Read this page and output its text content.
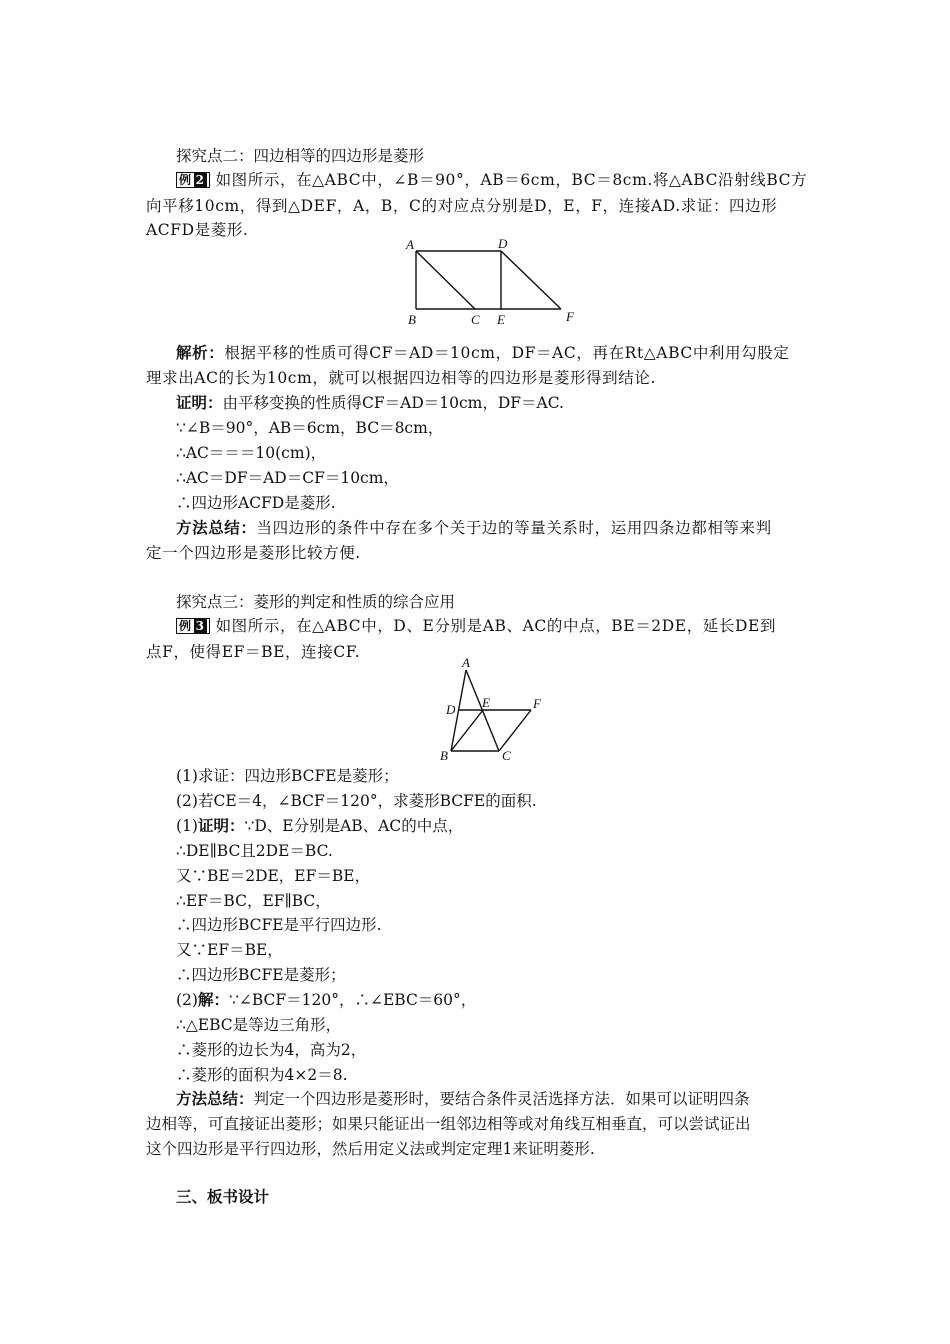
探究点二：四边相等的四边形是菱形
例 2 如图所示，在△ABC中，∠B＝90°，AB＝6cm，BC＝8cm.将△ABC沿射线BC方
向平移10cm，得到△DEF，A，B，C的对应点分别是D，E，F，连接AD.求证：四边形
ACFD是菱形.
A	D
B	C E	F
解析：根据平移的性质可得CF＝AD＝10cm，DF＝AC，再在Rt△ABC中利用勾股定
理求出AC的长为10cm，就可以根据四边相等的四边形是菱形得到结论.
证明：由平移变换的性质得CF＝AD＝10cm，DF＝AC.
∵∠B＝90°，AB＝6cm，BC＝8cm，
∴AC＝＝＝10(cm)，
∴AC＝DF＝AD＝CF＝10cm，
∴四边形ACFD是菱形.
方法总结：当四边形的条件中存在多个关于边的等量关系时，运用四条边都相等来判
定一个四边形是菱形比较方便.
探究点三：菱形的判定和性质的综合应用
例 3 如图所示，在△ABC中，D、E分别是AB、AC的中点，BE＝2DE，延长DE到
点F，使得EF＝BE，连接CF.
A
D E	F
B	C
(1)求证：四边形BCFE是菱形；
(2)若CE＝4，∠BCF＝120°，求菱形BCFE的面积.
(1)证明：∵D、E分别是AB、AC的中点，
∴DE∥BC且2DE＝BC.
又∵BE＝2DE，EF＝BE，
∴EF＝BC，EF∥BC，
∴四边形BCFE是平行四边形.
又∵EF＝BE，
∴四边形BCFE是菱形；
(2)解：∵∠BCF＝120°，∴∠EBC＝60°，
∴△EBC是等边三角形，
∴菱形的边长为4，高为2，
∴菱形的面积为4×2＝8.
方法总结：判定一个四边形是菱形时，要结合条件灵活选择方法．如果可以证明四条
边相等，可直接证出菱形；如果只能证出一组邻边相等或对角线互相垂直，可以尝试证出
这个四边形是平行四边形，然后用定义法或判定定理1来证明菱形.
三、板书设计
